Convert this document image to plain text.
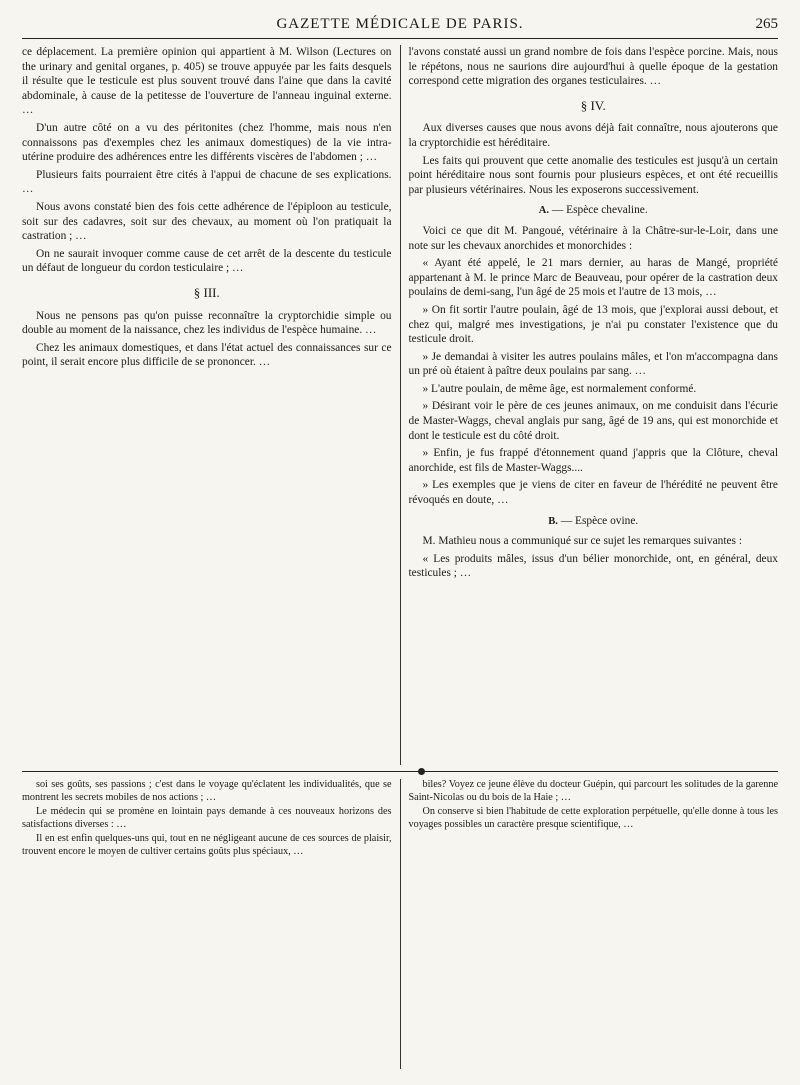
GAZETTE MÉDICALE DE PARIS.	265

ce déplacement. La première opinion qui appartient à M. Wilson (Lectures on the urinary and genital organes, p. 405) se trouve appuyée par les faits desquels il résulte que le testicule est plus souvent trouvé dans l'aine que dans la cavité abdominale, à cause de la petitesse de l'ouverture de l'anneau inguinal externe. …

D'un autre côté on a vu des péritonites (chez l'homme, mais nous n'en connaissons pas d'exemples chez les animaux domestiques) de la vie intra-utérine produire des adhérences entre les différents viscères de l'abdomen ; …

Plusieurs faits pourraient être cités à l'appui de chacune de ses explications. …

Nous avons constaté bien des fois cette adhérence de l'épiploon au testicule, soit sur des cadavres, soit sur des chevaux, au moment où l'on pratiquait la castration ; …

On ne saurait invoquer comme cause de cet arrêt de la descente du testicule un défaut de longueur du cordon testiculaire ; …

§ III.

Nous ne pensons pas qu'on puisse reconnaître la cryptorchidie simple ou double au moment de la naissance, chez les individus de l'espèce humaine. …

Chez les animaux domestiques, et dans l'état actuel des connaissances sur ce point, il serait encore plus difficile de se prononcer. …

l'avons constaté aussi un grand nombre de fois dans l'espèce porcine. Mais, nous le répétons, nous ne saurions dire aujourd'hui à quelle époque de la gestation correspond cette migration des organes testiculaires. …

§ IV.

Aux diverses causes que nous avons déjà fait connaître, nous ajouterons que la cryptorchidie est héréditaire.

Les faits qui prouvent que cette anomalie des testicules est jusqu'à un certain point héréditaire nous sont fournis pour plusieurs espèces, et ont été recueillis par plusieurs vétérinaires. Nous les exposerons successivement.

A. — Espèce chevaline.

Voici ce que dit M. Pangoué, vétérinaire à la Châtre-sur-le-Loir, dans une note sur les chevaux anorchides et monorchides :

« Ayant été appelé, le 21 mars dernier, au haras de Mangé, propriété appartenant à M. le prince Marc de Beauveau, pour opérer de la castration deux poulains de demi-sang, l'un âgé de 25 mois et l'autre de 13 mois, …

» On fit sortir l'autre poulain, âgé de 13 mois, que j'explorai aussi debout, et chez qui, malgré mes investigations, je n'ai pu constater l'existence que du testicule droit.

» Je demandai à visiter les autres poulains mâles, et l'on m'accompagna dans un pré où étaient à paître deux poulains par sang. …

» L'autre poulain, de même âge, est normalement conformé.

» Désirant voir le père de ces jeunes animaux, on me conduisit dans l'écurie de Master-Waggs, cheval anglais pur sang, âgé de 19 ans, qui est monorchide et dont le testicule est du côté droit.

» Enfin, je fus frappé d'étonnement quand j'appris que la Clôture, cheval anorchide, est fils de Master-Waggs....

» Les exemples que je viens de citer en faveur de l'hérédité ne peuvent être révoqués en doute, …

B. — Espèce ovine.

M. Mathieu nous a communiqué sur ce sujet les remarques suivantes :

« Les produits mâles, issus d'un bélier monorchide, ont, en général, deux testicules ; …

soi ses goûts, ses passions ; c'est dans le voyage qu'éclatent les individualités, que se montrent les secrets mobiles de nos actions ; …

Le médecin qui se promène en lointain pays demande à ces nouveaux horizons des satisfactions diverses : …

Il en est enfin quelques-uns qui, tout en ne négligeant aucune de ces sources de plaisir, trouvent encore le moyen de cultiver certains goûts plus spéciaux, …

biles? Voyez ce jeune élève du docteur Guépin, qui parcourt les solitudes de la garenne Saint-Nicolas ou du bois de la Haie ; …

On conserve si bien l'habitude de cette exploration perpétuelle, qu'elle donne à tous les voyages possibles un caractère presque scientifique, …
